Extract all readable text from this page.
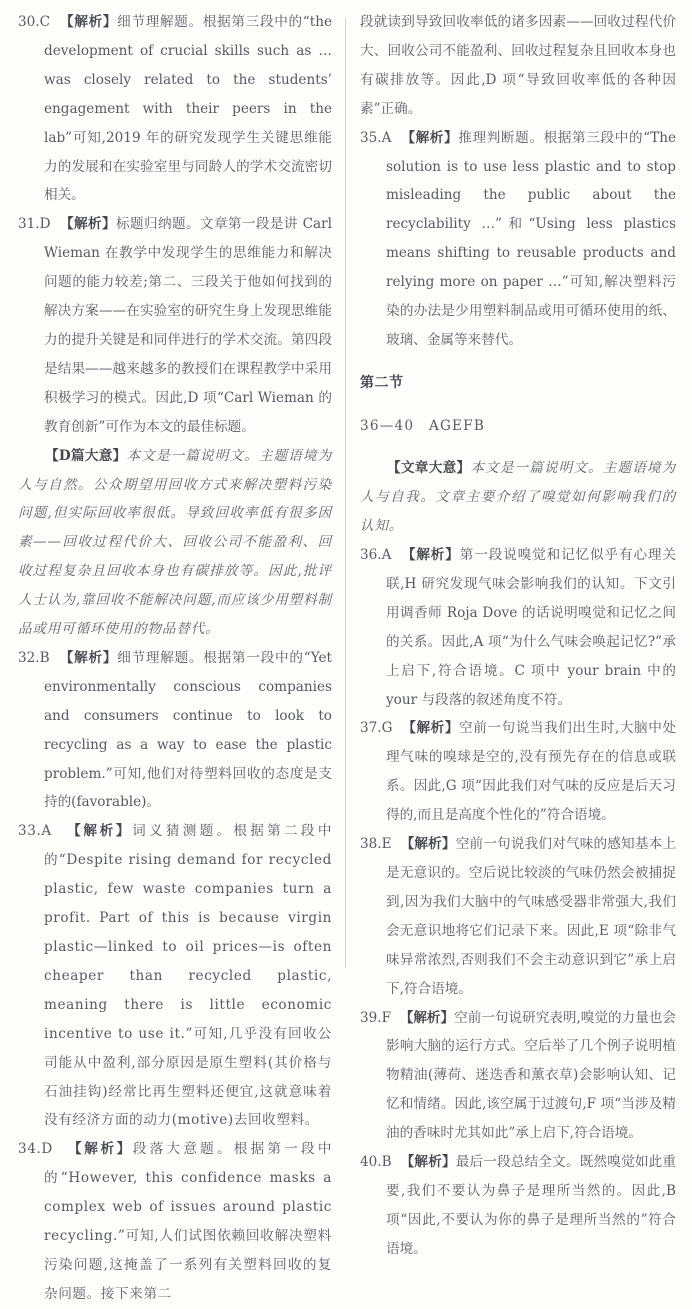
30.C 【解析】细节理解题。根据第三段中的“the development of crucial skills such as … was closely related to the students’ engagement with their peers in the lab”可知,2019 年的研究发现学生关键思维能力的发展和在实验室里与同龄人的学术交流密切相关。

31.D 【解析】标题归纳题。文章第一段是讲 Carl Wieman 在教学中发现学生的思维能力和解决问题的能力较差;第二、三段关于他如何找到的解决方案——在实验室的研究生身上发现思维能力的提升关键是和同伴进行的学术交流。第四段是结果——越来越多的教授们在课程教学中采用积极学习的模式。因此,D 项“Carl Wieman 的教育创新”可作为本文的最佳标题。

【D篇大意】本文是一篇说明文。主题语境为人与自然。公众期望用回收方式来解决塑料污染问题,但实际回收率很低。导致回收率低有很多因素——回收过程代价大、回收公司不能盈利、回收过程复杂且回收本身也有碳排放等。因此,批评人士认为,靠回收不能解决问题,而应该少用塑料制品或用可循环使用的物品替代。

32.B 【解析】细节理解题。根据第一段中的“Yet environmentally conscious companies and consumers continue to look to recycling as a way to ease the plastic problem.”可知,他们对待塑料回收的态度是支持的(favorable)。

33.A 【解析】词义猜测题。根据第二段中的“Despite rising demand for recycled plastic, few waste companies turn a profit. Part of this is because virgin plastic—linked to oil prices—is often cheaper than recycled plastic, meaning there is little economic incentive to use it.”可知,几乎没有回收公司能从中盈利,部分原因是原生塑料(其价格与石油挂钩)经常比再生塑料还便宜,这就意味着没有经济方面的动力(motive)去回收塑料。

34.D 【解析】段落大意题。根据第一段中的“However, this confidence masks a complex web of issues around plastic recycling.”可知,人们试图依赖回收解决塑料污染问题,这掩盖了一系列有关塑料回收的复杂问题。接下来第二

段就读到导致回收率低的诸多因素——回收过程代价大、回收公司不能盈利、回收过程复杂且回收本身也有碳排放等。因此,D 项“导致回收率低的各种因素”正确。

35.A 【解析】推理判断题。根据第三段中的“The solution is to use less plastic and to stop misleading the public about the recyclability …”和“Using less plastics means shifting to reusable products and relying more on paper …”可知,解决塑料污染的办法是少用塑料制品或用可循环使用的纸、玻璃、金属等来替代。

第二节

36—40 AGEFB

【文章大意】本文是一篇说明文。主题语境为人与自我。文章主要介绍了嗅觉如何影响我们的认知。

36.A 【解析】第一段说嗅觉和记忆似乎有心理关联,H 研究发现气味会影响我们的认知。下文引用调香师 Roja Dove 的话说明嗅觉和记忆之间的关系。因此,A 项“为什么气味会唤起记忆?”承上启下,符合语境。C 项中 your brain 中的 your 与段落的叙述角度不符。

37.G 【解析】空前一句说当我们出生时,大脑中处理气味的嗅球是空的,没有预先存在的信息或联系。因此,G 项“因此我们对气味的反应是后天习得的,而且是高度个性化的”符合语境。

38.E 【解析】空前一句说我们对气味的感知基本上是无意识的。空后说比较淡的气味仍然会被捕捉到,因为我们大脑中的气味感受器非常强大,我们会无意识地将它们记录下来。因此,E 项“除非气味异常浓烈,否则我们不会主动意识到它”承上启下,符合语境。

39.F 【解析】空前一句说研究表明,嗅觉的力量也会影响大脑的运行方式。空后举了几个例子说明植物精油(薄荷、迷迭香和薰衣草)会影响认知、记忆和情绪。因此,该空属于过渡句,F 项“当涉及精油的香味时尤其如此”承上启下,符合语境。

40.B 【解析】最后一段总结全文。既然嗅觉如此重要,我们不要认为鼻子是理所当然的。因此,B 项“因此,不要认为你的鼻子是理所当然的”符合语境。
